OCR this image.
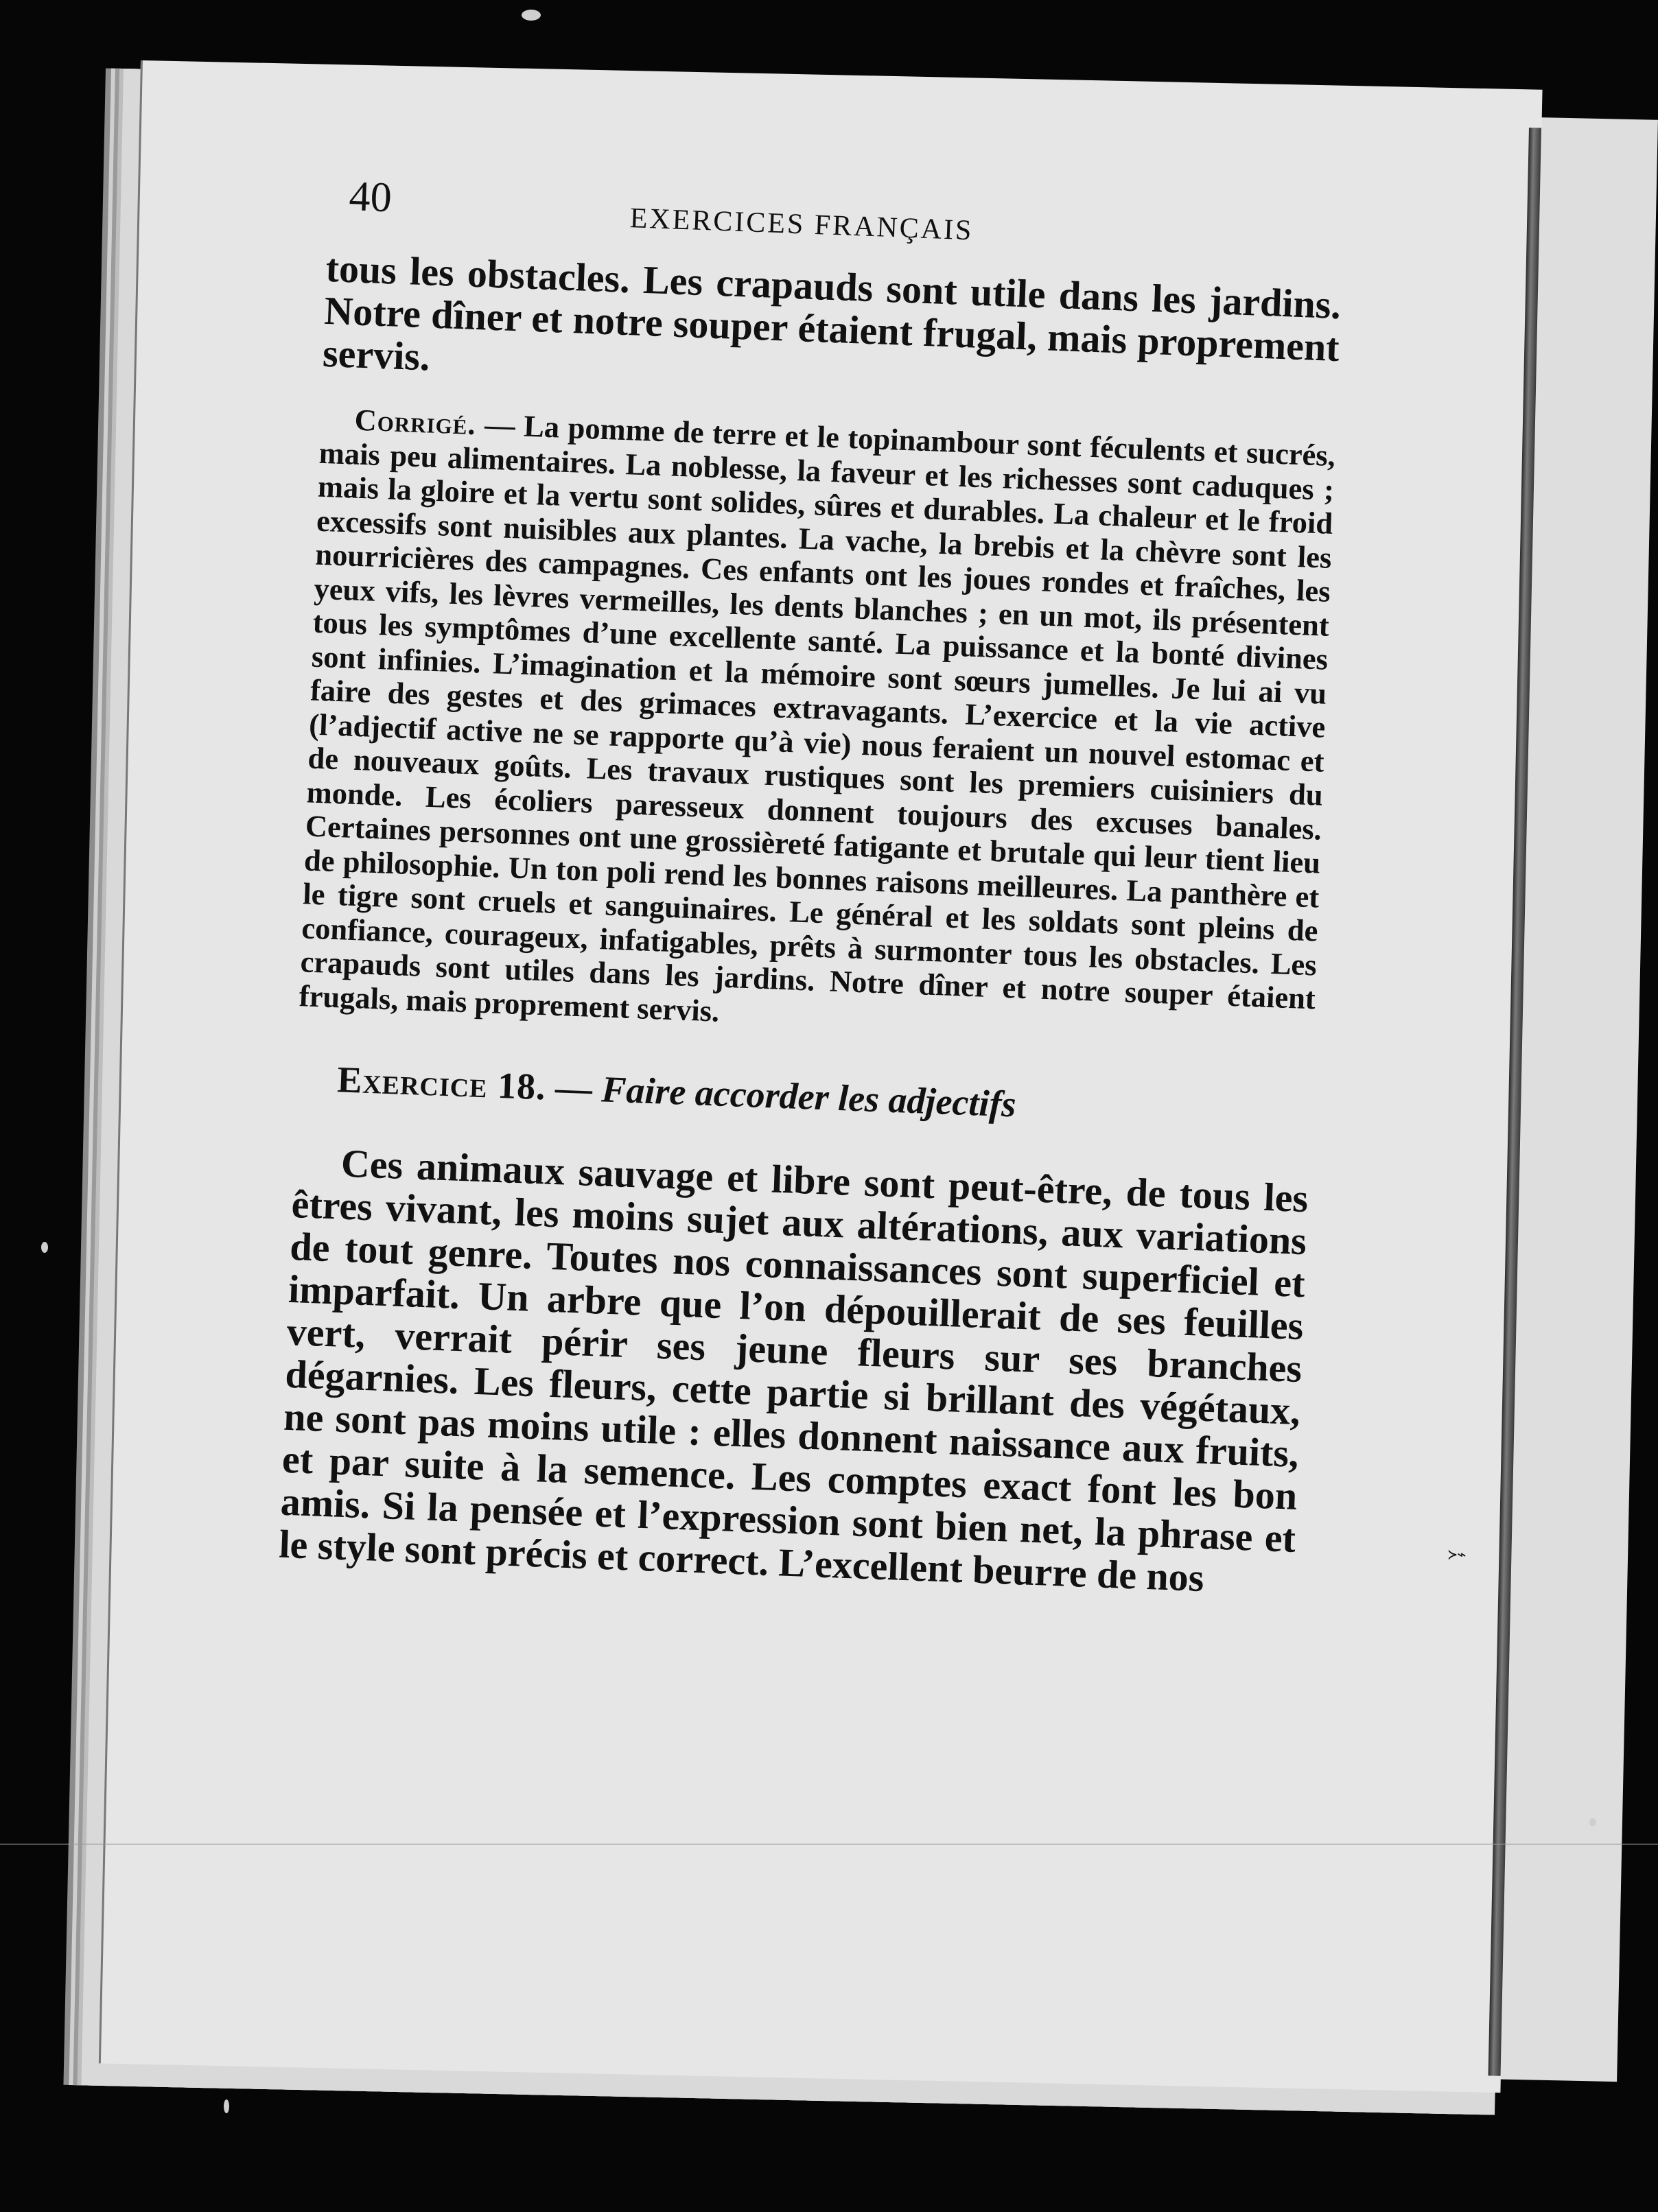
≻⌁
40
EXERCICES FRANÇAIS

tous les obstacles. Les crapauds sont utile dans les jardins. Notre dîner et notre souper étaient frugal, mais proprement servis.

Corrigé. — La pomme de terre et le topinambour sont féculents et sucrés, mais peu alimentaires. La noblesse, la faveur et les richesses sont caduques ; mais la gloire et la vertu sont solides, sûres et durables. La chaleur et le froid excessifs sont nuisibles aux plantes. La vache, la brebis et la chèvre sont les nourricières des campagnes. Ces enfants ont les joues rondes et fraîches, les yeux vifs, les lèvres vermeilles, les dents blanches ; en un mot, ils présentent tous les symptômes d’une excellente santé. La puissance et la bonté divines sont infinies. L’imagination et la mémoire sont sœurs jumelles. Je lui ai vu faire des gestes et des grimaces extravagants. L’exercice et la vie active (l’adjectif active ne se rapporte qu’à vie) nous feraient un nouvel estomac et de nouveaux goûts. Les travaux rustiques sont les premiers cuisiniers du monde. Les écoliers paresseux donnent toujours des excuses banales. Certaines personnes ont une grossièreté fatigante et brutale qui leur tient lieu de philosophie. Un ton poli rend les bonnes raisons meilleures. La panthère et le tigre sont cruels et sanguinaires. Le général et les soldats sont pleins de confiance, courageux, infatigables, prêts à surmonter tous les obstacles. Les crapauds sont utiles dans les jardins. Notre dîner et notre souper étaient frugals, mais proprement servis.

Exercice 18. — Faire accorder les adjectifs

Ces animaux sauvage et libre sont peut-être, de tous les êtres vivant, les moins sujet aux altérations, aux variations de tout genre. Toutes nos connaissances sont superficiel et imparfait. Un arbre que l’on dépouillerait de ses feuilles vert, verrait périr ses jeune fleurs sur ses branches dégarnies. Les fleurs, cette partie si brillant des végétaux, ne sont pas moins utile : elles donnent naissance aux fruits, et par suite à la semence. Les comptes exact font les bon amis. Si la pensée et l’expression sont bien net, la phrase et le style sont précis et correct. L’excellent beurre de nos
